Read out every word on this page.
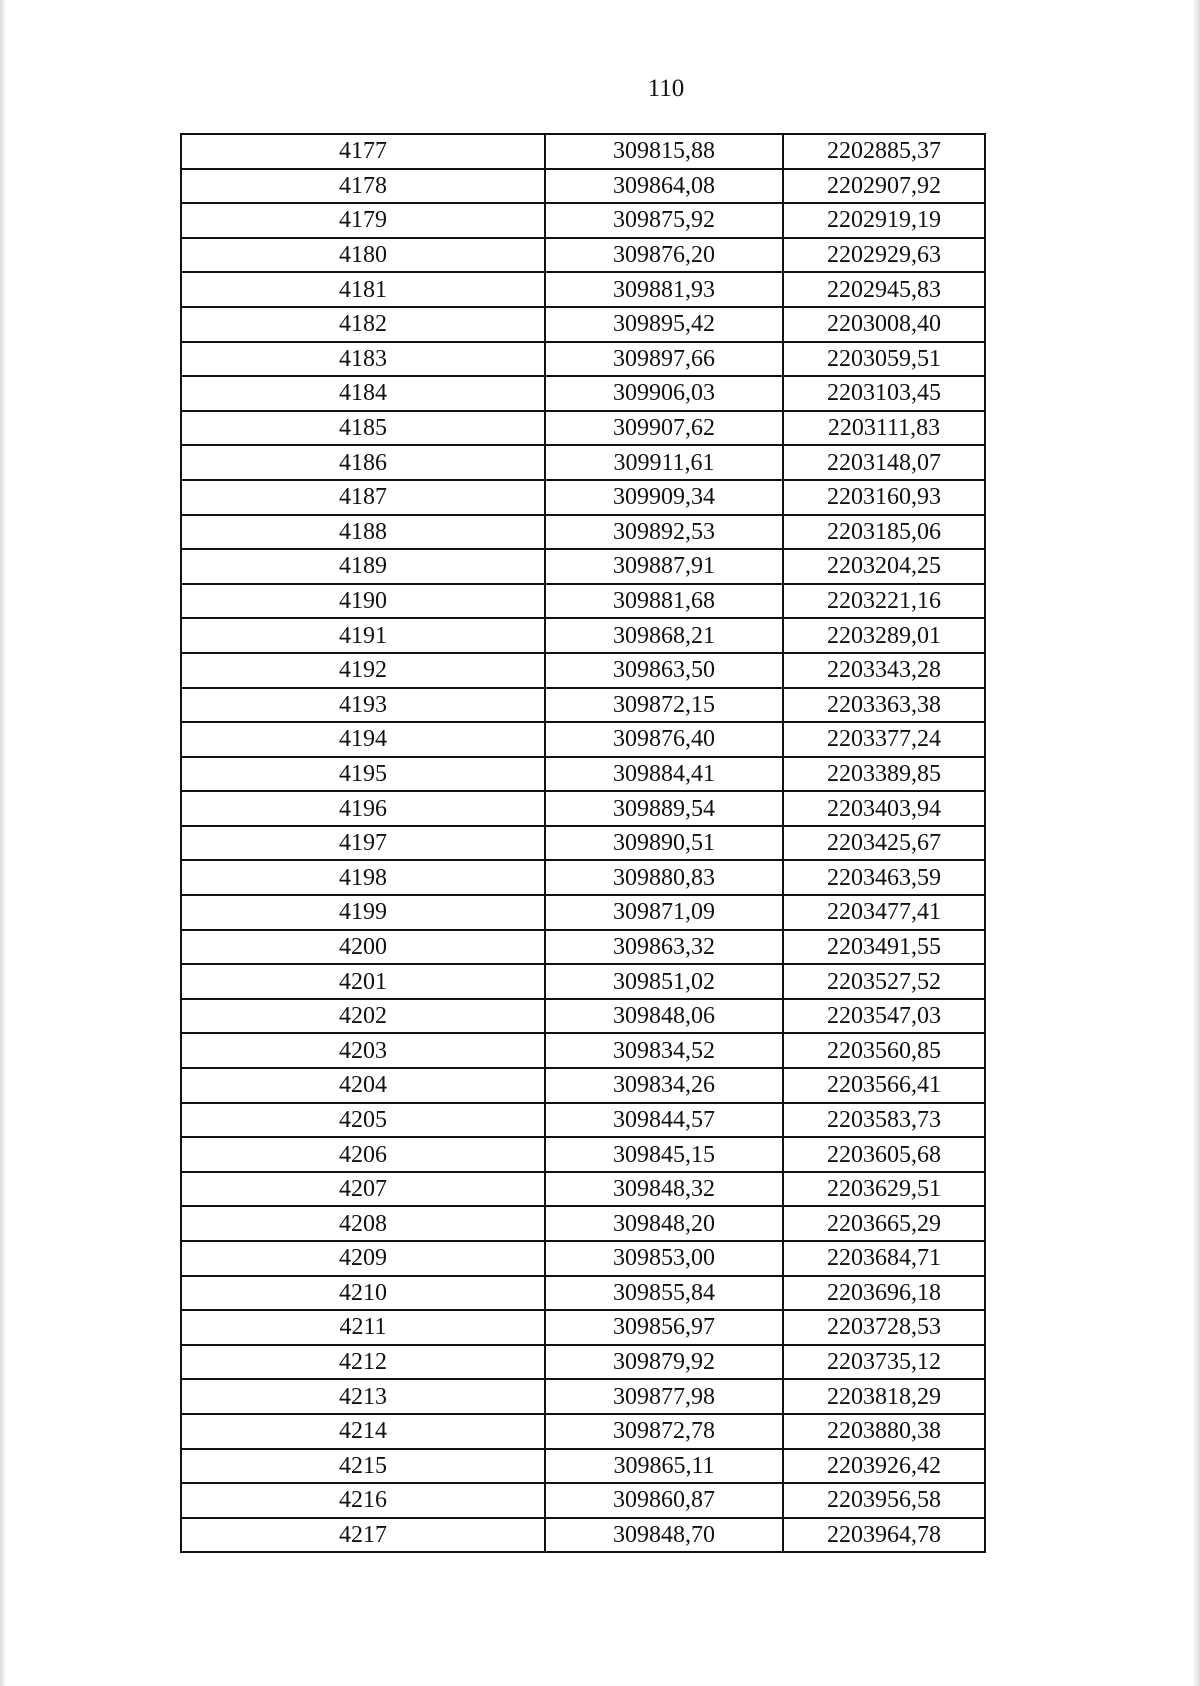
110
4177	309815,88	2202885,37
4178	309864,08	2202907,92
4179	309875,92	2202919,19
4180	309876,20	2202929,63
4181	309881,93	2202945,83
4182	309895,42	2203008,40
4183	309897,66	2203059,51
4184	309906,03	2203103,45
4185	309907,62	2203111,83
4186	309911,61	2203148,07
4187	309909,34	2203160,93
4188	309892,53	2203185,06
4189	309887,91	2203204,25
4190	309881,68	2203221,16
4191	309868,21	2203289,01
4192	309863,50	2203343,28
4193	309872,15	2203363,38
4194	309876,40	2203377,24
4195	309884,41	2203389,85
4196	309889,54	2203403,94
4197	309890,51	2203425,67
4198	309880,83	2203463,59
4199	309871,09	2203477,41
4200	309863,32	2203491,55
4201	309851,02	2203527,52
4202	309848,06	2203547,03
4203	309834,52	2203560,85
4204	309834,26	2203566,41
4205	309844,57	2203583,73
4206	309845,15	2203605,68
4207	309848,32	2203629,51
4208	309848,20	2203665,29
4209	309853,00	2203684,71
4210	309855,84	2203696,18
4211	309856,97	2203728,53
4212	309879,92	2203735,12
4213	309877,98	2203818,29
4214	309872,78	2203880,38
4215	309865,11	2203926,42
4216	309860,87	2203956,58
4217	309848,70	2203964,78
